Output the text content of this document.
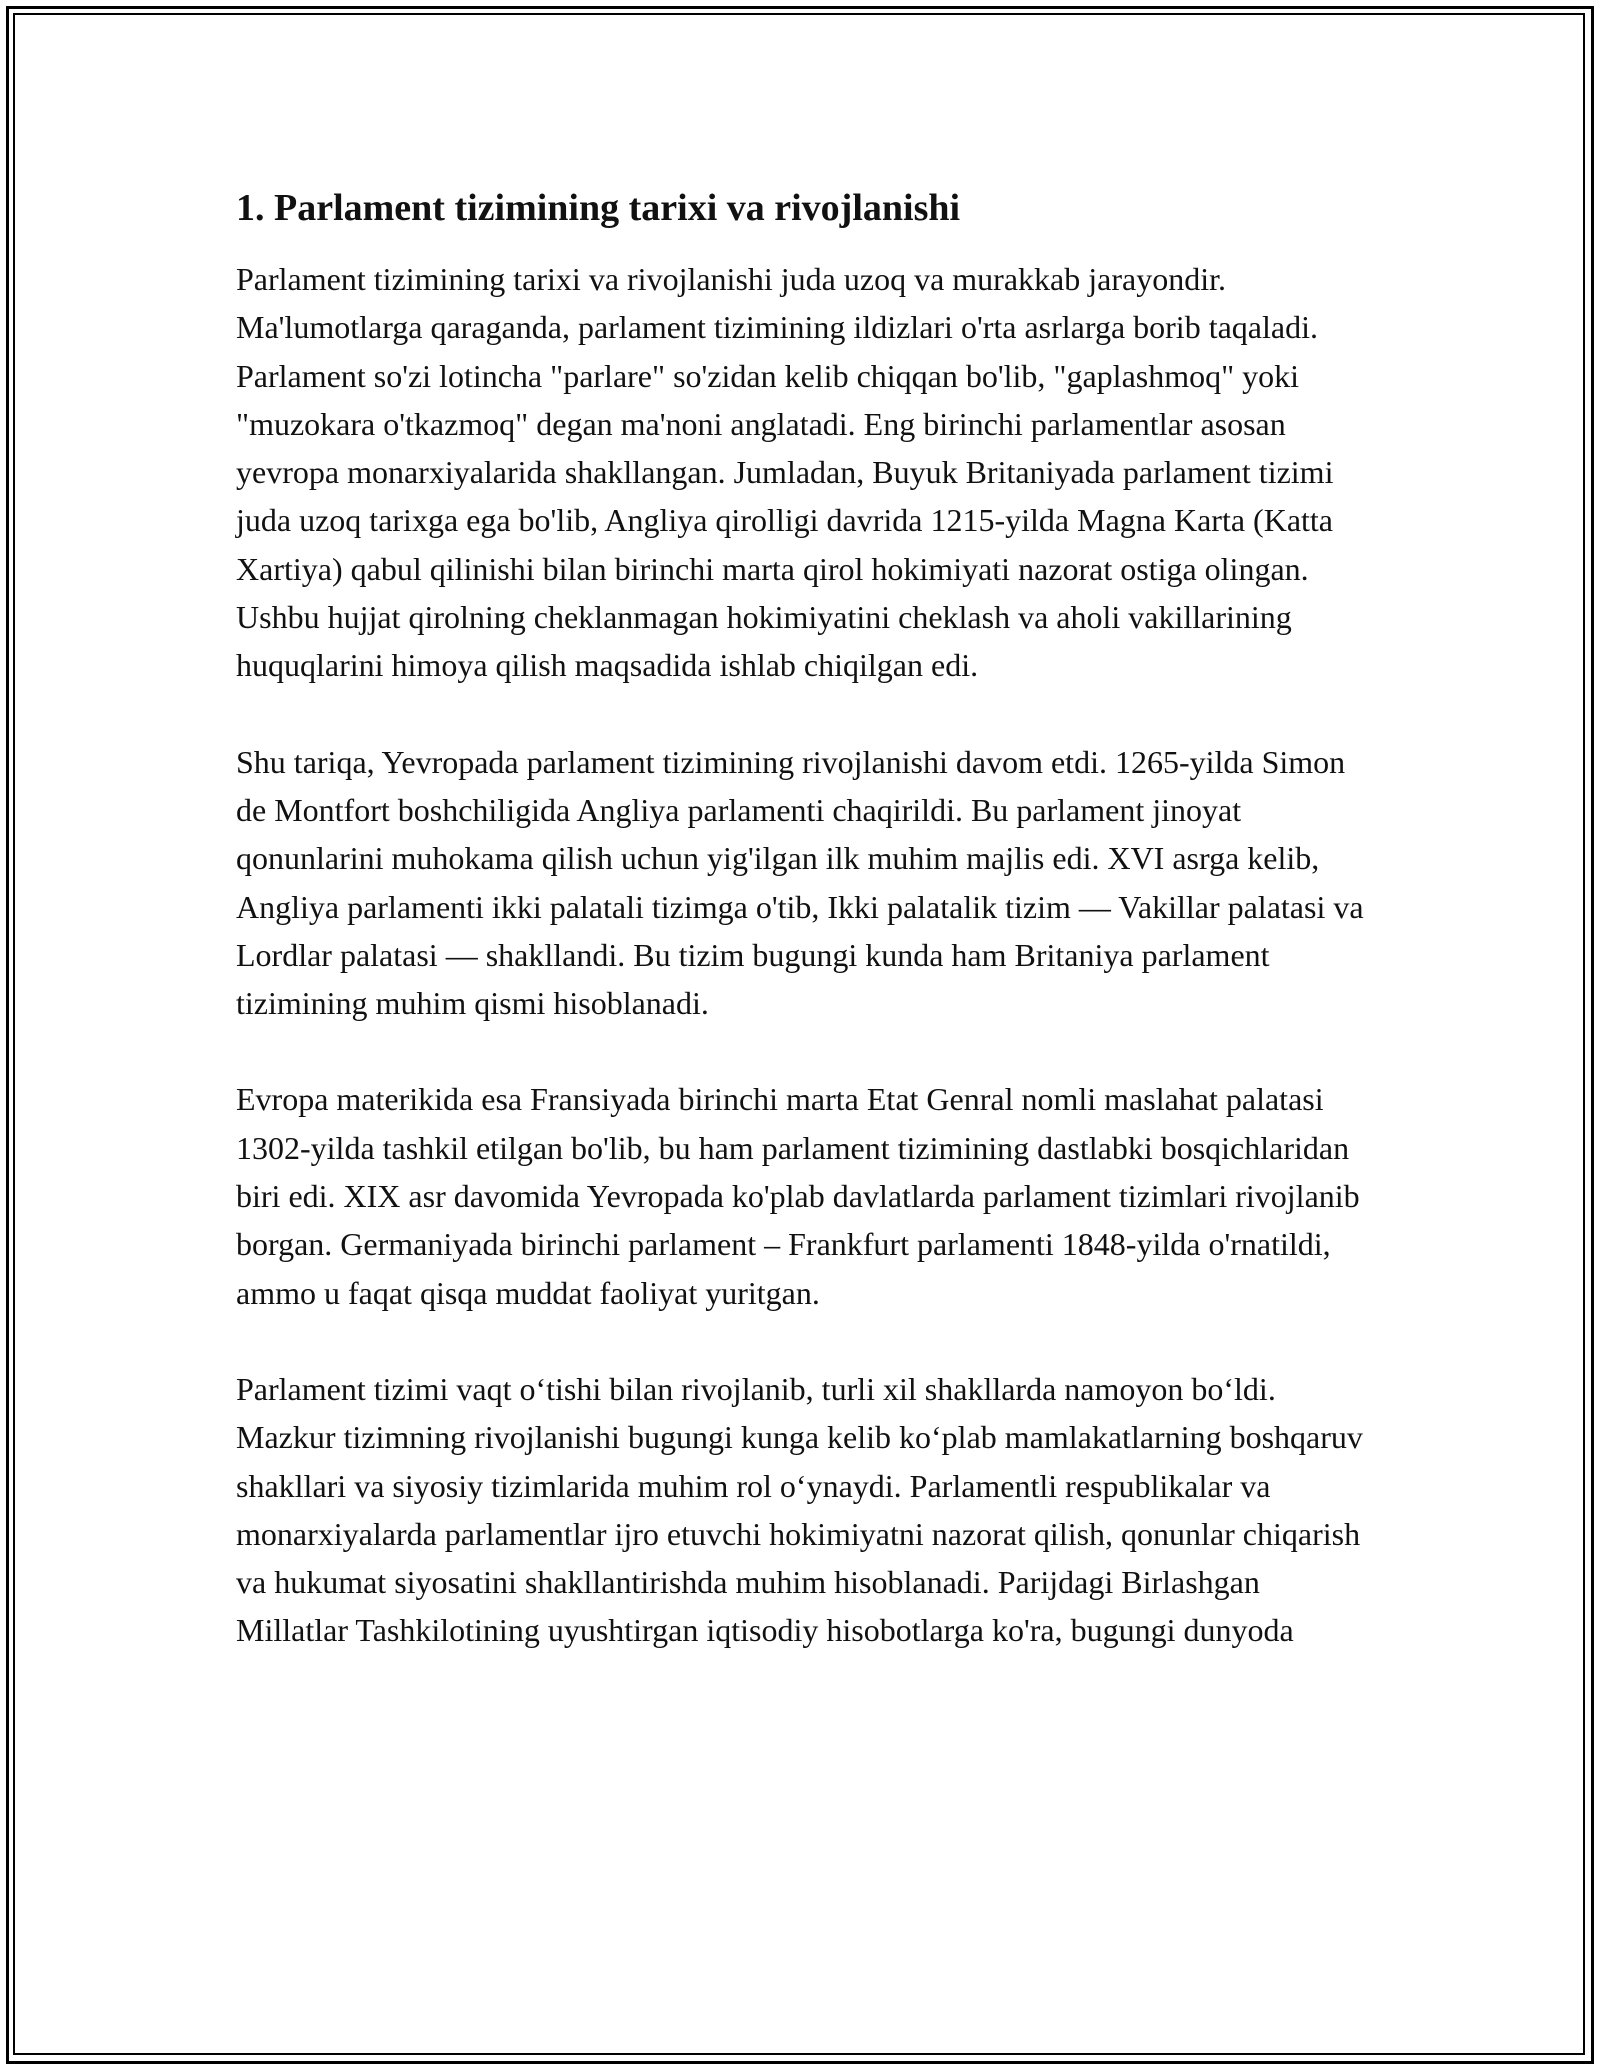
1. Parlament tizimining tarixi va rivojlanishi

Parlament tizimining tarixi va rivojlanishi juda uzoq va murakkab jarayondir. Ma'lumotlarga qaraganda, parlament tizimining ildizlari o'rta asrlarga borib taqaladi. Parlament so'zi lotincha "parlare" so'zidan kelib chiqqan bo'lib, "gaplashmoq" yoki "muzokara o'tkazmoq" degan ma'noni anglatadi. Eng birinchi parlamentlar asosan yevropa monarxiyalarida shakllangan. Jumladan, Buyuk Britaniyada parlament tizimi juda uzoq tarixga ega bo'lib, Angliya qirolligi davrida 1215-yilda Magna Karta (Katta Xartiya) qabul qilinishi bilan birinchi marta qirol hokimiyati nazorat ostiga olingan. Ushbu hujjat qirolning cheklanmagan hokimiyatini cheklash va aholi vakillarining huquqlarini himoya qilish maqsadida ishlab chiqilgan edi.

Shu tariqa, Yevropada parlament tizimining rivojlanishi davom etdi. 1265-yilda Simon de Montfort boshchiligida Angliya parlamenti chaqirildi. Bu parlament jinoyat qonunlarini muhokama qilish uchun yig'ilgan ilk muhim majlis edi. XVI asrga kelib, Angliya parlamenti ikki palatali tizimga o'tib, Ikki palatalik tizim — Vakillar palatasi va Lordlar palatasi — shakllandi. Bu tizim bugungi kunda ham Britaniya parlament tizimining muhim qismi hisoblanadi.

Evropa materikida esa Fransiyada birinchi marta Etat Genral nomli maslahat palatasi 1302-yilda tashkil etilgan bo'lib, bu ham parlament tizimining dastlabki bosqichlaridan biri edi. XIX asr davomida Yevropada ko'plab davlatlarda parlament tizimlari rivojlanib borgan. Germaniyada birinchi parlament – Frankfurt parlamenti 1848-yilda o'rnatildi, ammo u faqat qisqa muddat faoliyat yuritgan.

Parlament tizimi vaqt oʻtishi bilan rivojlanib, turli xil shakllarda namoyon boʻldi. Mazkur tizimning rivojlanishi bugungi kunga kelib koʻplab mamlakatlarning boshqaruv shakllari va siyosiy tizimlarida muhim rol oʻynaydi. Parlamentli respublikalar va monarxiyalarda parlamentlar ijro etuvchi hokimiyatni nazorat qilish, qonunlar chiqarish va hukumat siyosatini shakllantirishda muhim hisoblanadi. Parijdagi Birlashgan Millatlar Tashkilotining uyushtirgan iqtisodiy hisobotlarga ko'ra, bugungi dunyoda
